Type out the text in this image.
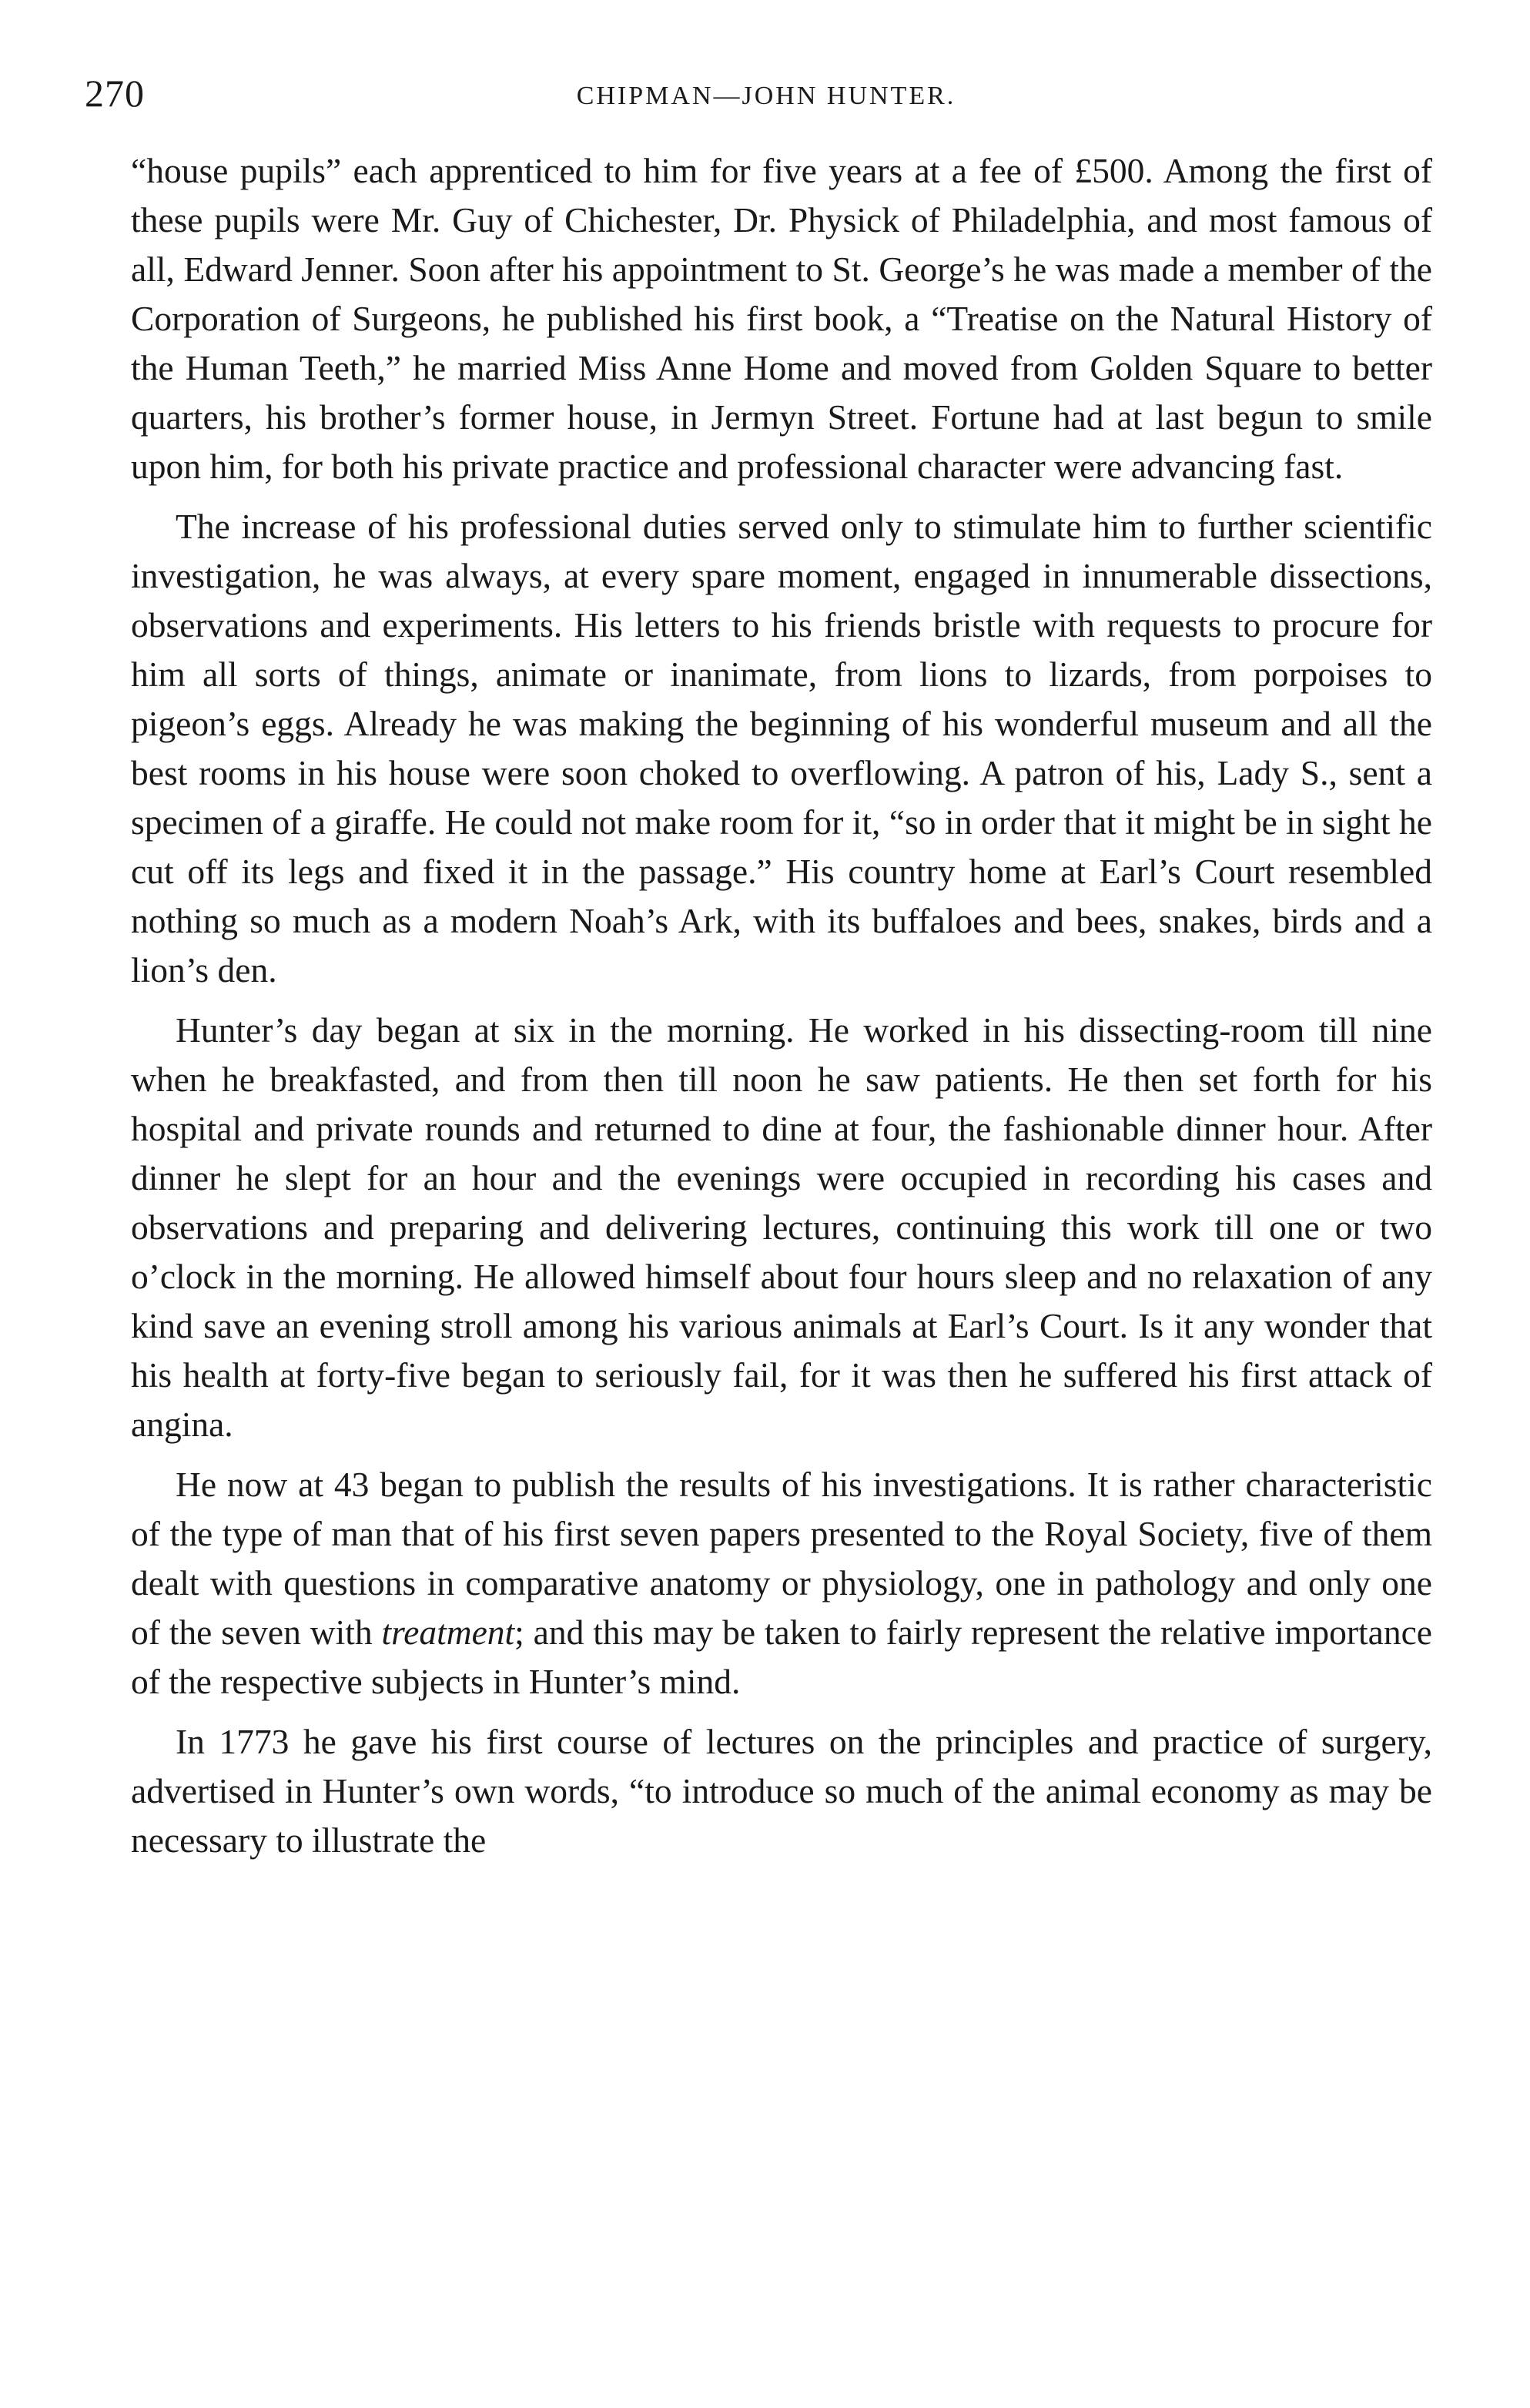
270	CHIPMAN—JOHN HUNTER.

“house pupils” each apprenticed to him for five years at a fee of £500. Among the first of these pupils were Mr. Guy of Chichester, Dr. Physick of Philadelphia, and most famous of all, Edward Jenner. Soon after his appointment to St. George’s he was made a member of the Corporation of Surgeons, he published his first book, a “Treatise on the Natural History of the Human Teeth,” he married Miss Anne Home and moved from Golden Square to better quarters, his brother’s former house, in Jermyn Street. Fortune had at last begun to smile upon him, for both his private practice and professional character were advancing fast.

The increase of his professional duties served only to stimulate him to further scientific investigation, he was always, at every spare moment, engaged in innumerable dissections, observations and experiments. His letters to his friends bristle with requests to procure for him all sorts of things, animate or inanimate, from lions to lizards, from porpoises to pigeon’s eggs. Already he was making the beginning of his wonderful museum and all the best rooms in his house were soon choked to overflowing. A patron of his, Lady S., sent a specimen of a giraffe. He could not make room for it, “so in order that it might be in sight he cut off its legs and fixed it in the passage.” His country home at Earl’s Court resembled nothing so much as a modern Noah’s Ark, with its buffaloes and bees, snakes, birds and a lion’s den.

Hunter’s day began at six in the morning. He worked in his dissecting-room till nine when he breakfasted, and from then till noon he saw patients. He then set forth for his hospital and private rounds and returned to dine at four, the fashionable dinner hour. After dinner he slept for an hour and the evenings were occupied in recording his cases and observations and preparing and delivering lectures, continuing this work till one or two o’clock in the morning. He allowed himself about four hours sleep and no relaxation of any kind save an evening stroll among his various animals at Earl’s Court. Is it any wonder that his health at forty-five began to seriously fail, for it was then he suffered his first attack of angina.

He now at 43 began to publish the results of his investigations. It is rather characteristic of the type of man that of his first seven papers presented to the Royal Society, five of them dealt with questions in comparative anatomy or physiology, one in pathology and only one of the seven with treatment; and this may be taken to fairly represent the relative importance of the respective subjects in Hunter’s mind.

In 1773 he gave his first course of lectures on the principles and practice of surgery, advertised in Hunter’s own words, “to introduce so much of the animal economy as may be necessary to illustrate the
